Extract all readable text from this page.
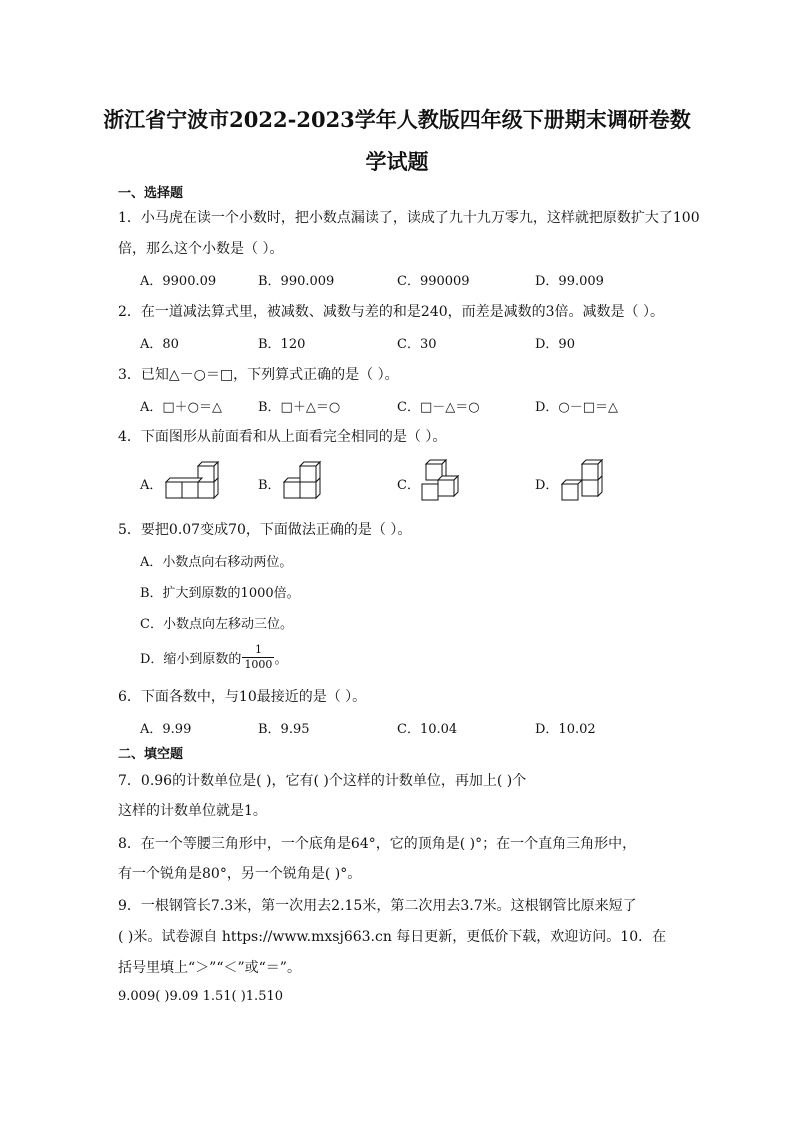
浙江省宁波市2022-2023学年人教版四年级下册期末调研卷数
学试题
一、选择题
1．小马虎在读一个小数时，把小数点漏读了，读成了九十九万零九，这样就把原数扩大了100
倍，那么这个小数是（ ）。
A．9900.09	B．990.009	C．990009	D．99.009
2．在一道减法算式里，被减数、减数与差的和是240，而差是减数的3倍。减数是（ ）。
A．80	B．120	C．30	D．90
3．已知△－○＝□，下列算式正确的是（ ）。
A．□＋○＝△	B．□＋△＝○	C．□－△＝○	D．○－□＝△
4．下面图形从前面看和从上面看完全相同的是（ ）。
A．	B．	C．	D．
5．要把0.07变成70，下面做法正确的是（ ）。
A．小数点向右移动两位。
B．扩大到原数的1000倍。
C．小数点向左移动三位。
D．缩小到原数的 $\frac{1}{1000}$ 。
6．下面各数中，与10最接近的是（ ）。
A．9.99	B．9.95	C．10.04	D．10.02
二、填空题
7．0.96的计数单位是( )，它有( )个这样的计数单位，再加上( )个
这样的计数单位就是1。
8．在一个等腰三角形中，一个底角是64°，它的顶角是( )°；在一个直角三角形中，
有一个锐角是80°，另一个锐角是( )°。
9．一根钢管长7.3米，第一次用去2.15米，第二次用去3.7米。这根钢管比原来短了
( )米。试卷源自 https://www.mxsj663.cn 每日更新，更低价下载，欢迎访问。10．在
括号里填上“＞”“＜”或“＝”。
9.009( )9.09 1.51( )1.510
